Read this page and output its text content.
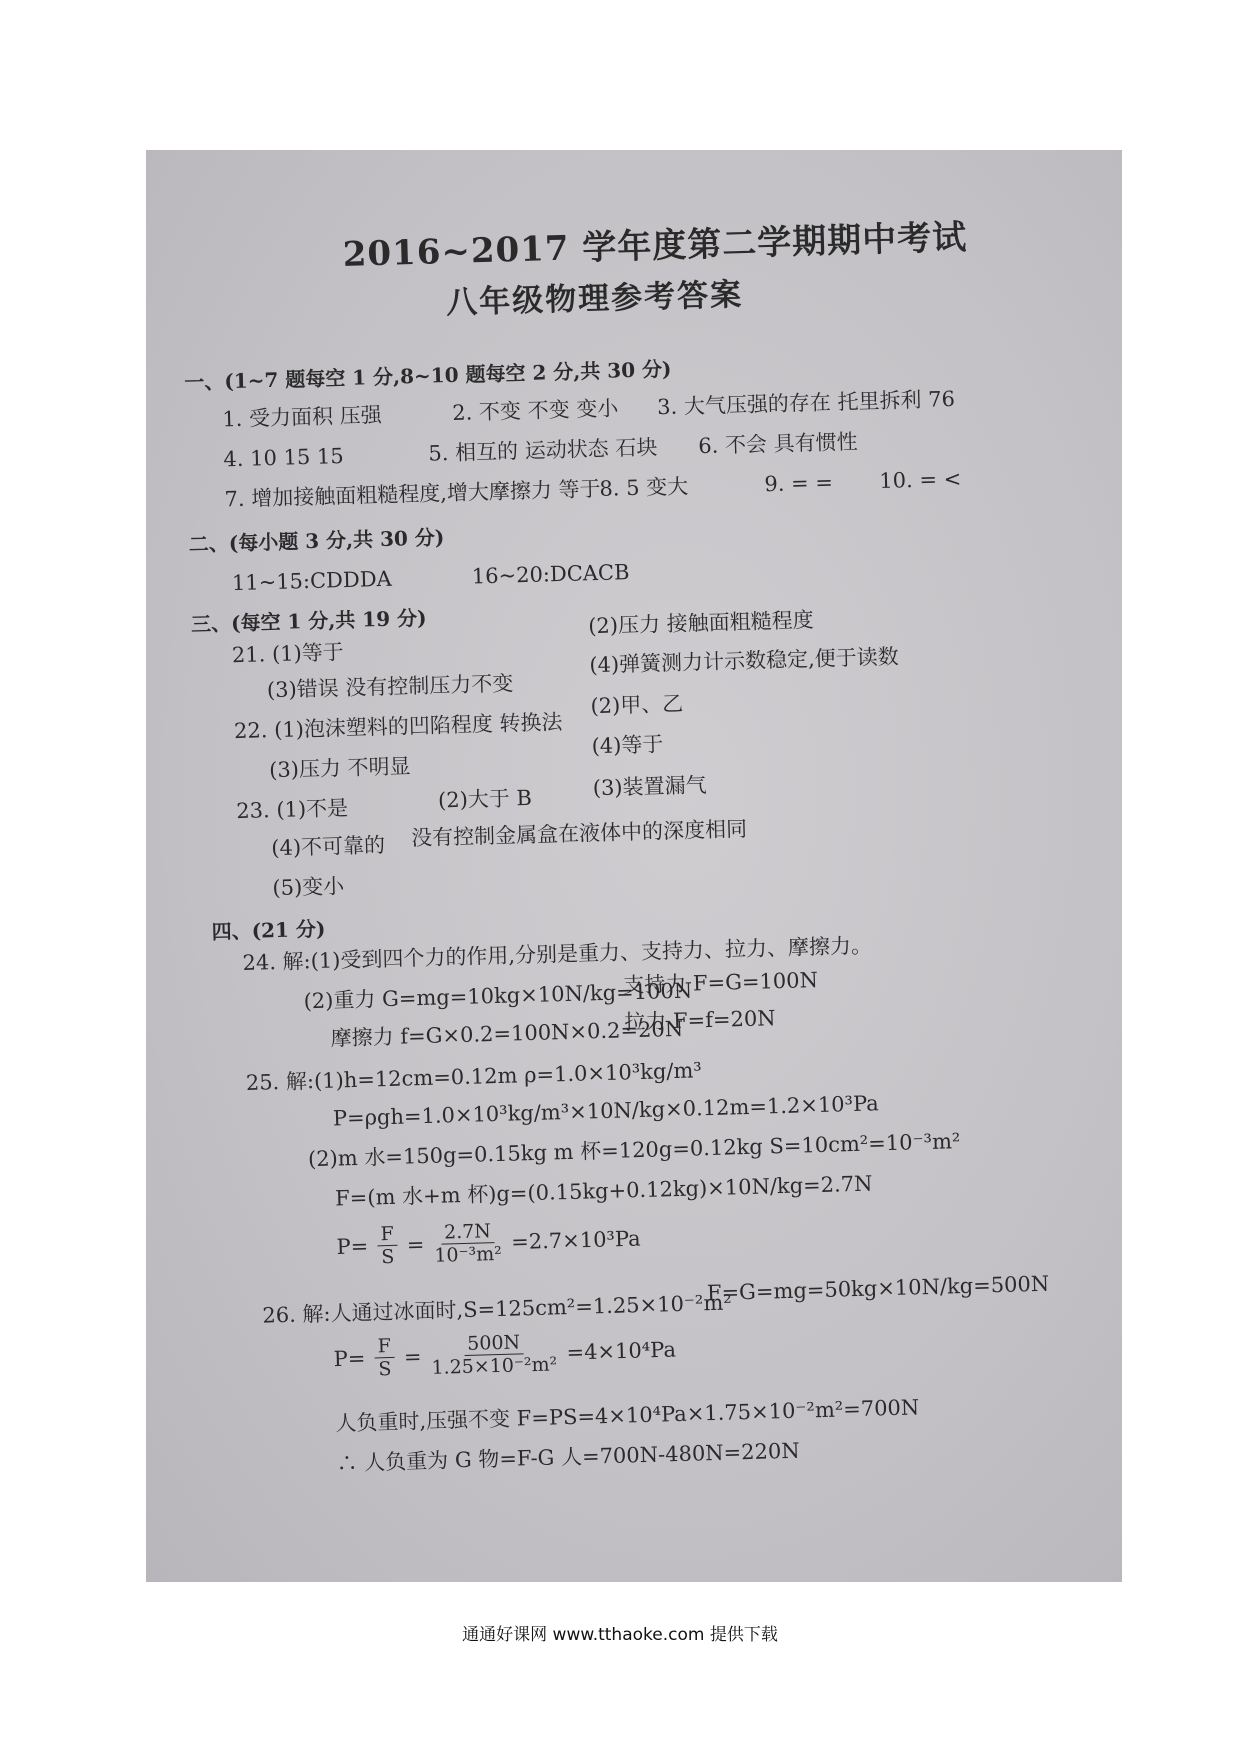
2016~2017 学年度第二学期期中考试
八年级物理参考答案
一、(1~7 题每空 1 分,8~10 题每空 2 分,共 30 分)
1. 受力面积 压强	2. 不变 不变 变小 3. 大气压强的存在 托里拆利 76
4. 10 15 15	5. 相互的 运动状态 石块 6. 不会 具有惯性
7. 增加接触面粗糙程度,增大摩擦力 等于
8. 5 变大	9. = = 10. = <
二、(每小题 3 分,共 30 分)
11~15:CDDDA	16~20:DCACB
三、(每空 1 分,共 19 分)	(2)压力 接触面粗糙程度
21. (1)等于
(3)错误 没有控制压力不变
(4)弹簧测力计示数稳定,便于读数
22. (1)泡沫塑料的凹陷程度 转换法
(2)甲、乙
(3)压力 不明显
(4)等于
23. (1)不是	(2)大于 B	(3)装置漏气
(4)不可靠的 没有控制金属盒在液体中的深度相同
(5)变小
四、(21 分)
24. 解:(1)受到四个力的作用,分别是重力、支持力、拉力、摩擦力。
(2)重力 G=mg=10kg×10N/kg=100N
支持力 F=G=100N
摩擦力 f=G×0.2=100N×0.2=20N
拉力 F=f=20N
25. 解:(1)h=12cm=0.12m ρ=1.0×10³kg/m³
P=ρgh=1.0×10³kg/m³×10N/kg×0.12m=1.2×10³Pa
(2)m 水=150g=0.15kg m 杯=120g=0.12kg S=10cm²=10⁻³m²
F=(m 水+m 杯)g=(0.15kg+0.12kg)×10N/kg=2.7N
$P= \frac{F}{S} = \frac{2.7N}{\text{10⁻³m²}} =2.7\times 10^3Pa$
26. 解:人通过冰面时,S=125cm²=1.25×10⁻²m²
F=G=mg=50kg×10N/kg=500N
$P= \frac{F}{S} = \frac{500N}{\text{1.25×10⁻²m²}} =4\times 10^4Pa$
人负重时,压强不变 F=PS=4×10⁴Pa×1.75×10⁻²m²=700N
∴ 人负重为 G 物=F-G 人=700N-480N=220N
通通好课网 www.tthaoke.com 提供下载
